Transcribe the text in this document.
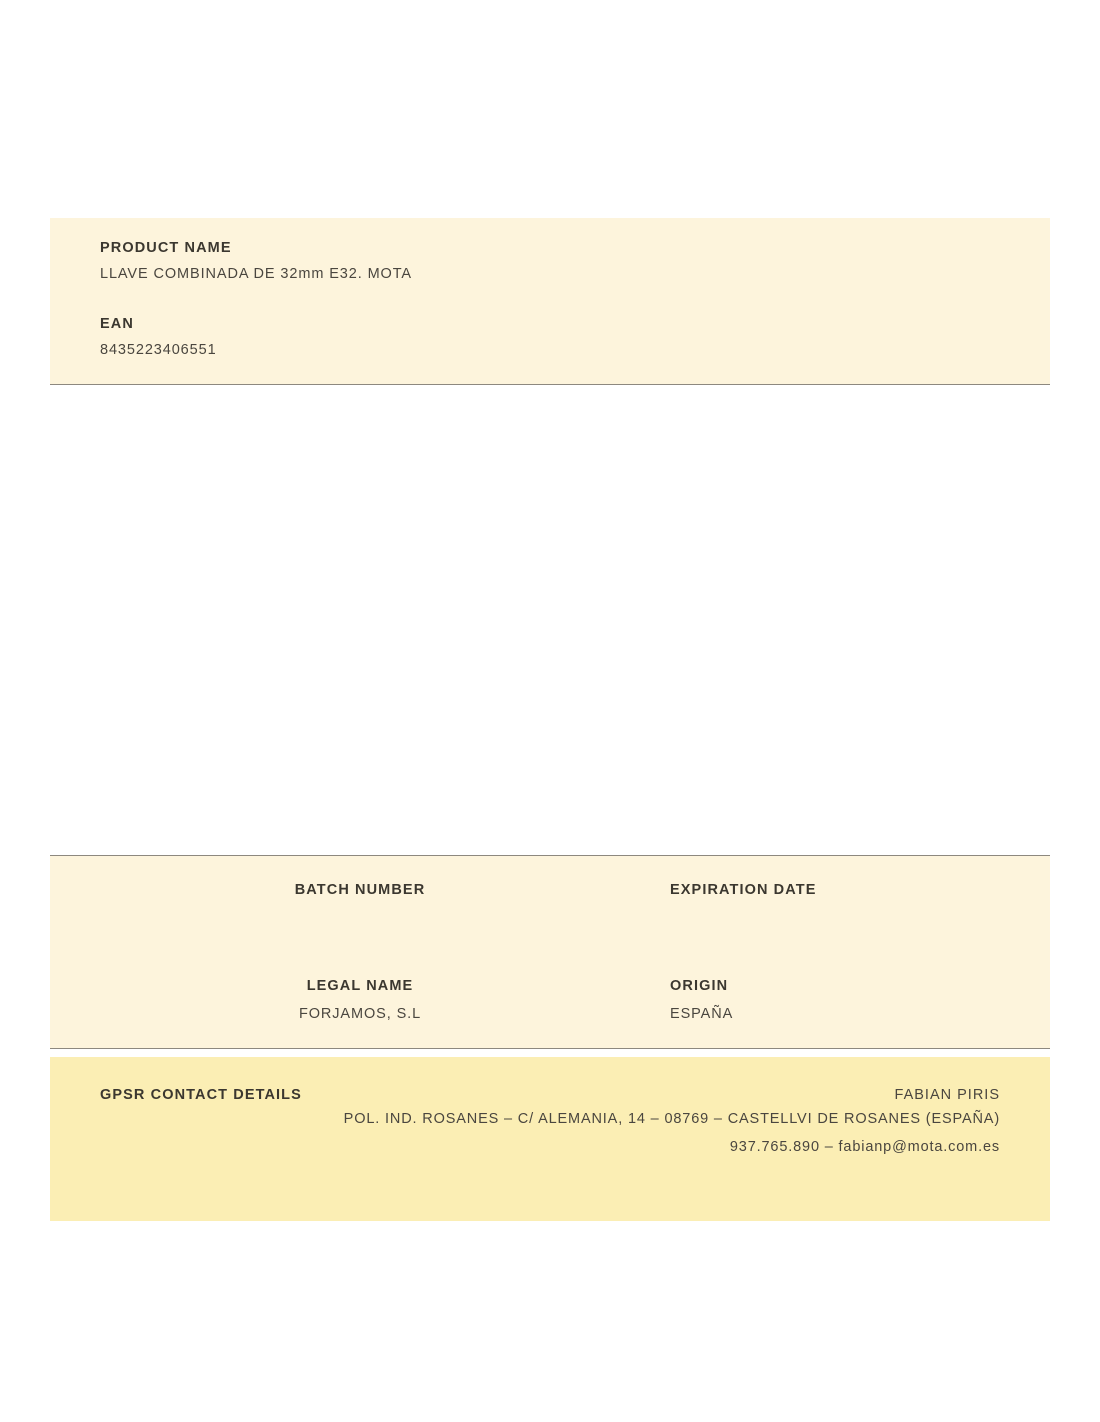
PRODUCT NAME
LLAVE COMBINADA DE 32mm E32. MOTA
EAN
8435223406551
BATCH NUMBER	EXPIRATION DATE
LEGAL NAME
FORJAMOS, S.L
ORIGIN
ESPAÑA
GPSR CONTACT DETAILS	FABIAN PIRIS

POL. IND. ROSANES – C/ ALEMANIA, 14 – 08769 – CASTELLVI DE ROSANES (ESPAÑA)

937.765.890 – fabianp@mota.com.es
